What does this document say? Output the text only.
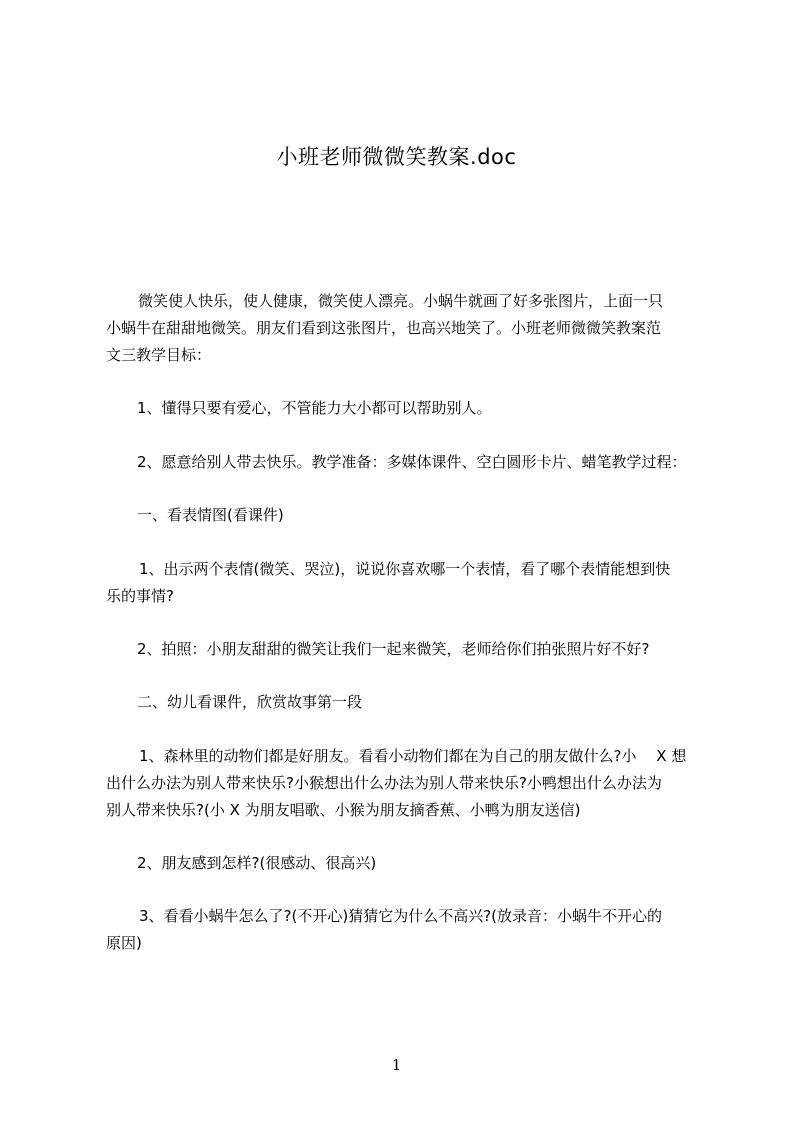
小班老师微微笑教案.doc
微笑使人快乐，使人健康，微笑使人漂亮。小蜗牛就画了好多张图片，上面一只
小蜗牛在甜甜地微笑。朋友们看到这张图片，也高兴地笑了。小班老师微微笑教案范
文三教学目标：
1、懂得只要有爱心，不管能力大小都可以帮助别人。
2、愿意给别人带去快乐。教学准备：多媒体课件、空白圆形卡片、蜡笔教学过程：
一、看表情图(看课件)
1、出示两个表情(微笑、哭泣)，说说你喜欢哪一个表情，看了哪个表情能想到快
乐的事情?
2、拍照：小朋友甜甜的微笑让我们一起来微笑，老师给你们拍张照片好不好?
二、幼儿看课件，欣赏故事第一段
1、森林里的动物们都是好朋友。看看小动物们都在为自己的朋友做什么?小　 X 想
出什么办法为别人带来快乐?小猴想出什么办法为别人带来快乐?小鸭想出什么办法为
别人带来快乐?(小 X 为朋友唱歌、小猴为朋友摘香蕉、小鸭为朋友送信)
2、朋友感到怎样?(很感动、很高兴)
3、看看小蜗牛怎么了?(不开心)猜猜它为什么不高兴?(放录音：小蜗牛不开心的
原因)
1
